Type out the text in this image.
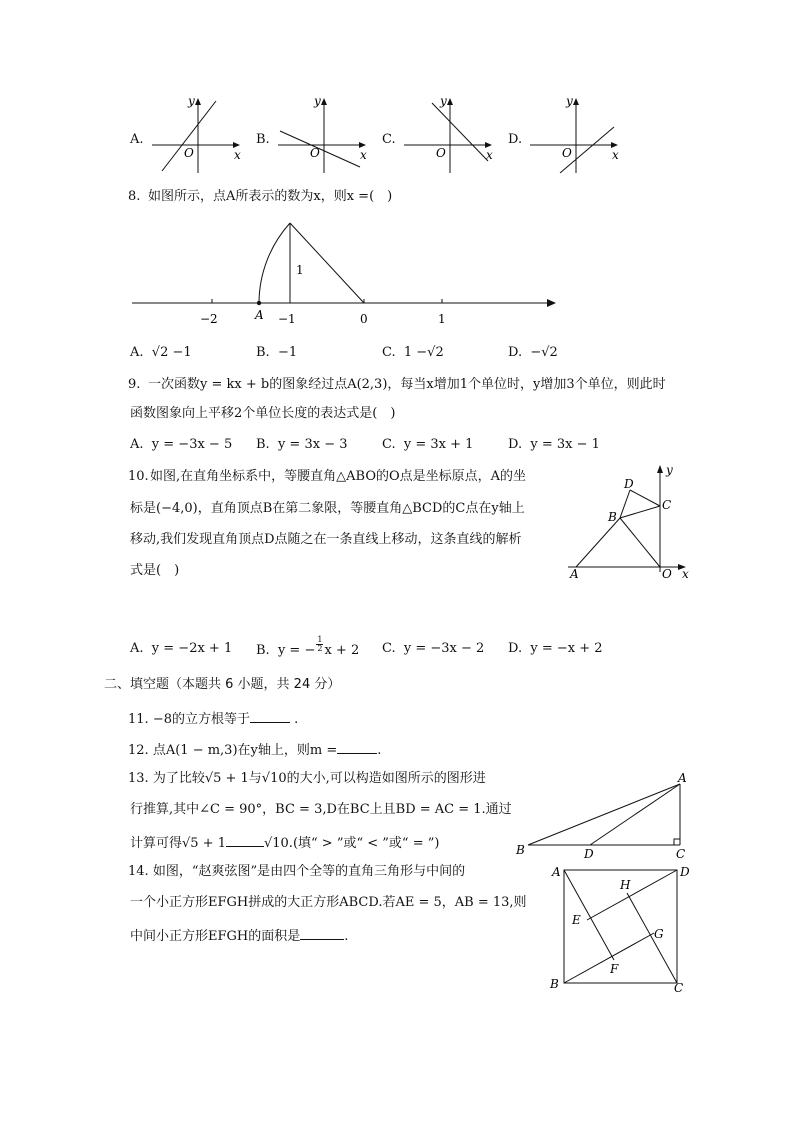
A.
O	x
y
B.
O	x
y
C.
O	x
y
D.
O	x
y
8. 如图所示，点A所表示的数为x，则x =(　)
1
−2	−1	0	1
A
A. √2 −1	B. −1	C. 1 −√2	D. −√2
9. 一次函数y = kx + b的图象经过点A(2,3)，每当x增加1个单位时，y增加3个单位，则此时
函数图象向上平移2个单位长度的表达式是(　)
A. y = −3x − 5 B. y = 3x − 3	C. y = 3x + 1	D. y = 3x − 1
10. 如图,在直角坐标系中，等腰直角△ABO的O点是坐标原点，A的坐
标是(−4,0)，直角顶点B在第二象限，等腰直角△BCD的C点在y轴上
移动,我们发现直角顶点D点随之在一条直线上移动，这条直线的解析
式是(　)
D
C
B
A	O x
y
A. y = −2x + 1 B. y = − $\frac{1}{2}$ x + 2 C. y = −3x − 2 D. y = −x + 2
二、填空题（本题共 6 小题，共 24 分）
11. −8的立方根等于	.
12. 点A(1 − m,3)在y轴上，则m =	.
13. 为了比较√5 + 1与√10的大小,可以构造如图所示的图形进
行推算,其中∠C = 90°，BC = 3,D在BC上且BD = AC = 1.通过
计算可得√5 + 1	√10.(填“ > ”或“ < ”或“ = ”)
A
B	D	C
14. 如图，“赵爽弦图”是由四个全等的直角三角形与中间的
一个小正方形EFGH拼成的大正方形ABCD.若AE = 5，AB = 13,则
中间小正方形EFGH的面积是	.
A	D
B	C
H
E
G
F
